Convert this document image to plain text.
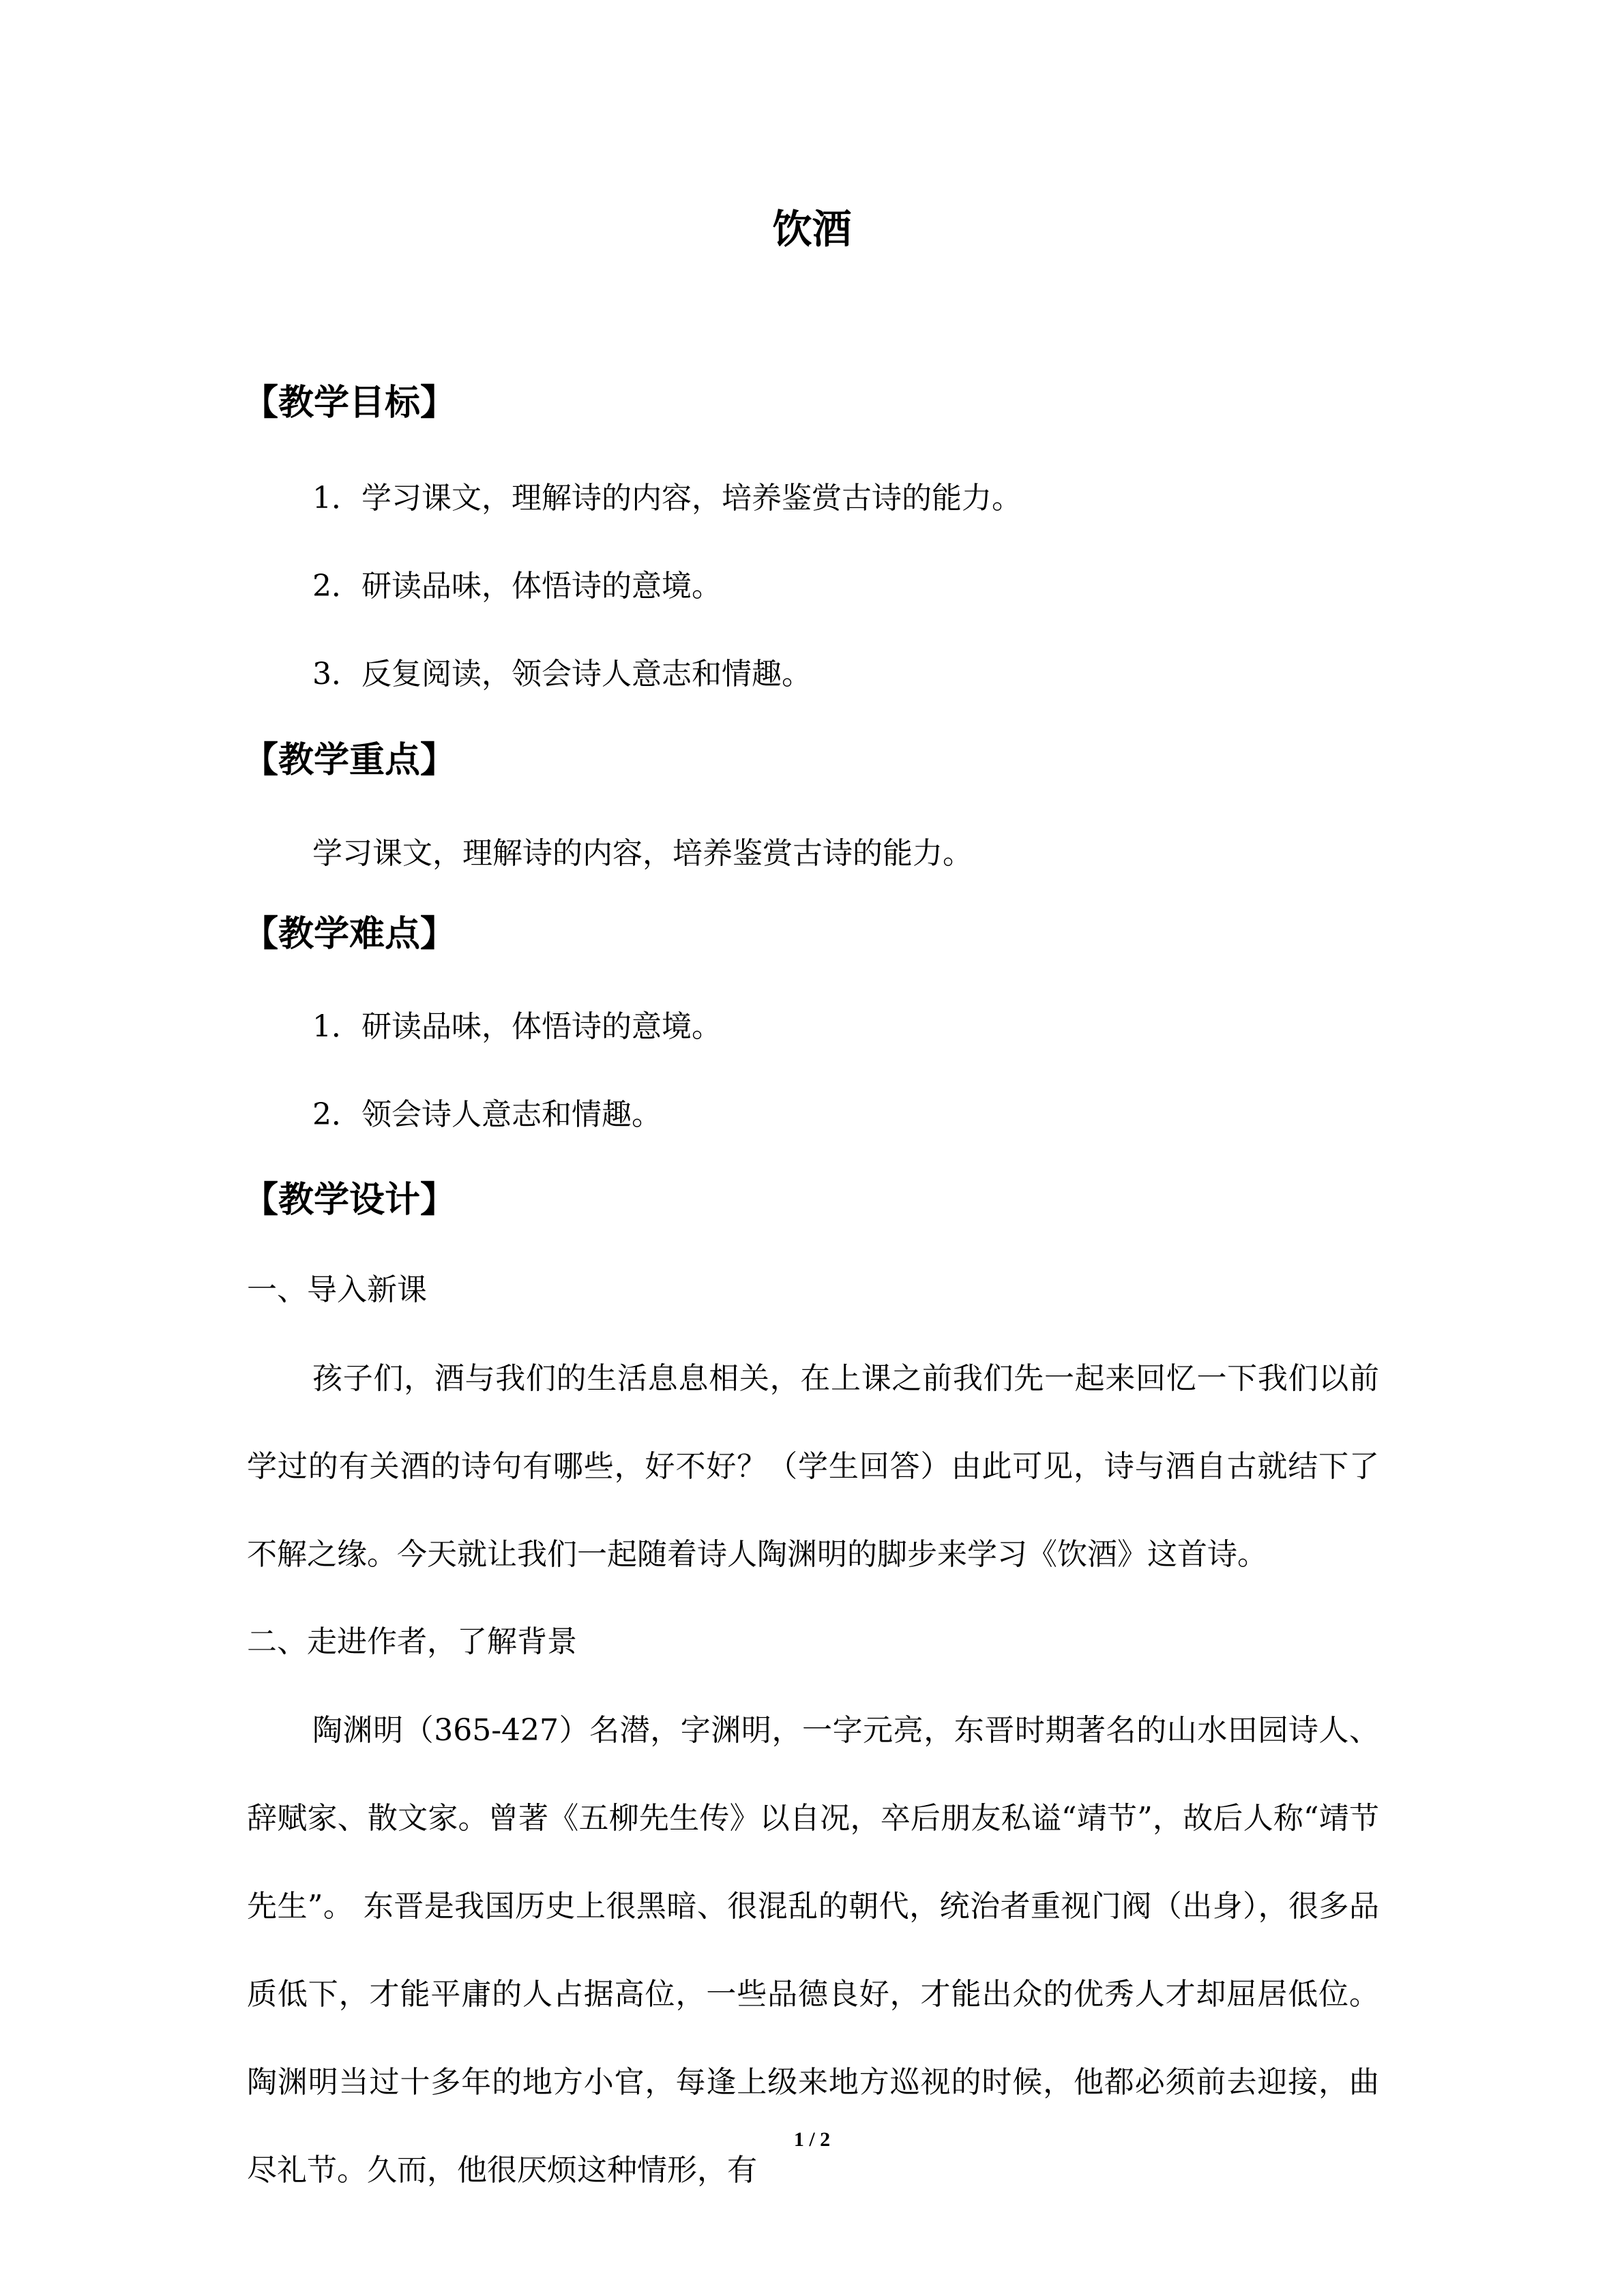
饮酒
【教学目标】
1．学习课文，理解诗的内容，培养鉴赏古诗的能力。
2．研读品味，体悟诗的意境。
3．反复阅读，领会诗人意志和情趣。
【教学重点】
学习课文，理解诗的内容，培养鉴赏古诗的能力。
【教学难点】
1．研读品味，体悟诗的意境。
2．领会诗人意志和情趣。
【教学设计】
一、导入新课
孩子们，酒与我们的生活息息相关，在上课之前我们先一起来回忆一下我们以前学过的有关酒的诗句有哪些，好不好？（学生回答）由此可见，诗与酒自古就结下了不解之缘。今天就让我们一起随着诗人陶渊明的脚步来学习《饮酒》这首诗。
二、走进作者，了解背景
陶渊明（365-427）名潜，字渊明，一字元亮，东晋时期著名的山水田园诗人、辞赋家、散文家。曾著《五柳先生传》以自况，卒后朋友私谥“靖节”，故后人称“靖节先生”。 东晋是我国历史上很黑暗、很混乱的朝代，统治者重视门阀（出身），很多品质低下，才能平庸的人占据高位，一些品德良好，才能出众的优秀人才却屈居低位。陶渊明当过十多年的地方小官，每逢上级来地方巡视的时候，他都必须前去迎接，曲尽礼节。久而，他很厌烦这种情形，有
1 / 2
